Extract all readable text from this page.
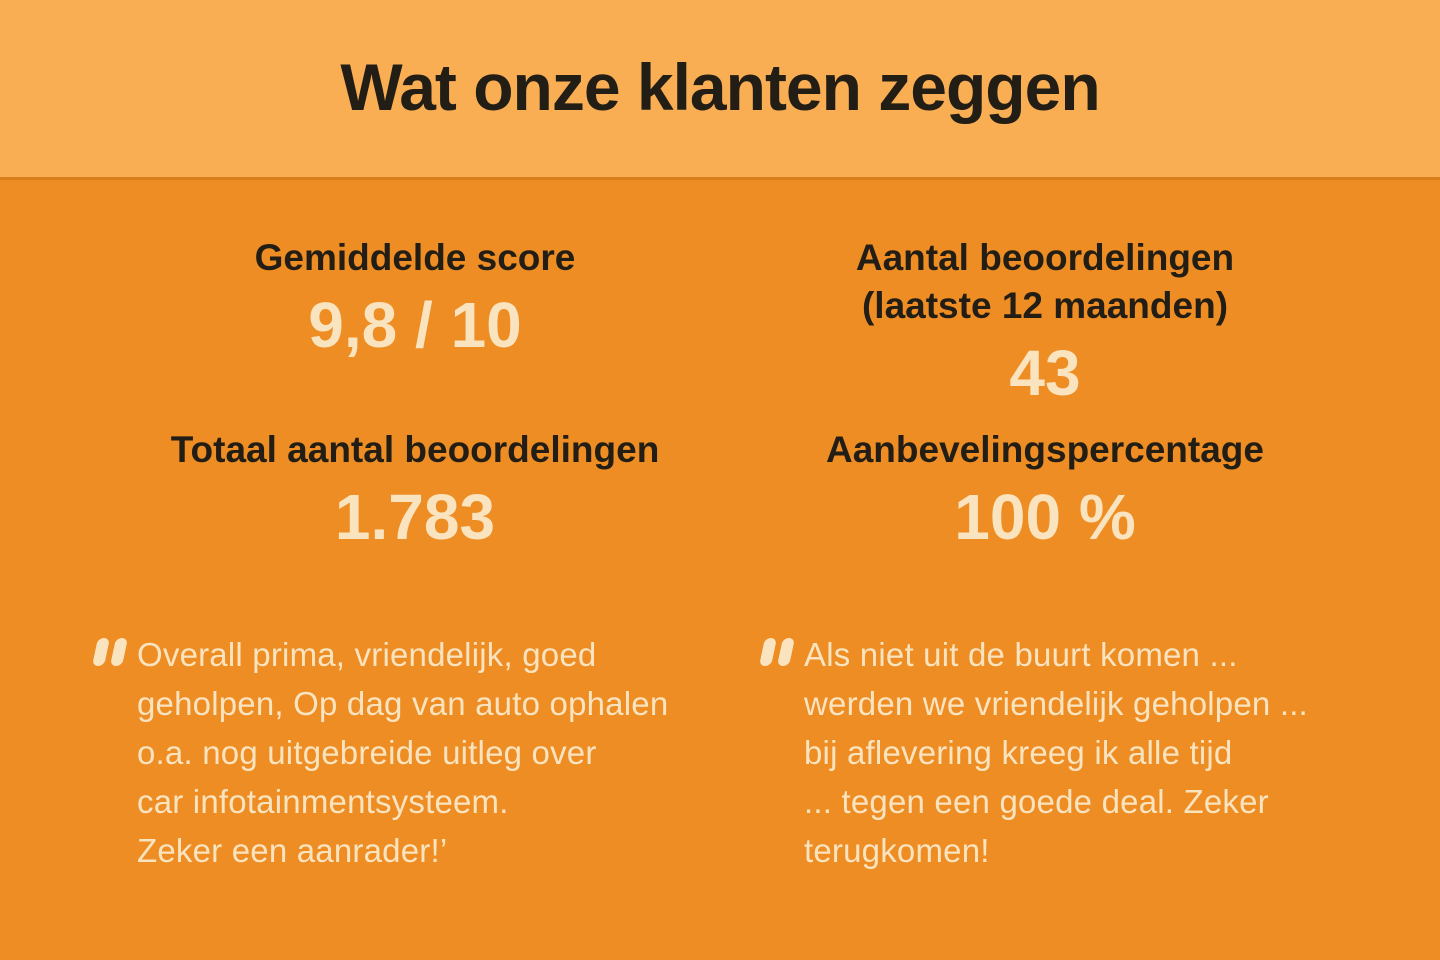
Wat onze klanten zeggen
Gemiddelde score
9,8 / 10
Aantal beoordelingen
(laatste 12 maanden)
43
Totaal aantal beoordelingen
1.783
Aanbevelingspercentage
100 %
Overall prima, vriendelijk, goed
geholpen, Op dag van auto ophalen
o.a. nog uitgebreide uitleg over
car infotainmentsysteem.
Zeker een aanrader!’
Als niet uit de buurt komen ...
werden we vriendelijk geholpen ...
bij aflevering kreeg ik alle tijd
... tegen een goede deal. Zeker
terugkomen!
